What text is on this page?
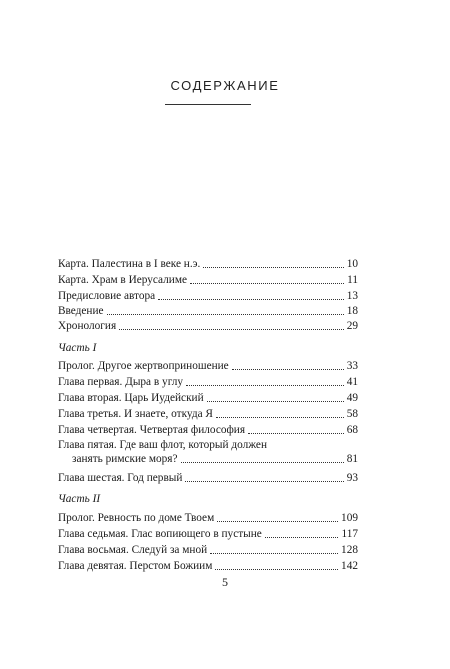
СОДЕРЖАНИЕ
Карта. Палестина в I веке н.э.	10
Карта. Храм в Иерусалиме	11
Предисловие автора	13
Введение	18
Хронология	29
Часть I
Пролог. Другое жертвоприношение	33
Глава первая. Дыра в углу	41
Глава вторая. Царь Иудейский	49
Глава третья. И знаете, откуда Я	58
Глава четвертая. Четвертая философия	68
Глава пятая. Где ваш флот, который должен
занять римские моря?	81
Глава шестая. Год первый	93
Часть II
Пролог. Ревность по доме Твоем	109
Глава седьмая. Глас вопиющего в пустыне	117
Глава восьмая. Следуй за мной	128
Глава девятая. Перстом Божиим	142
5
